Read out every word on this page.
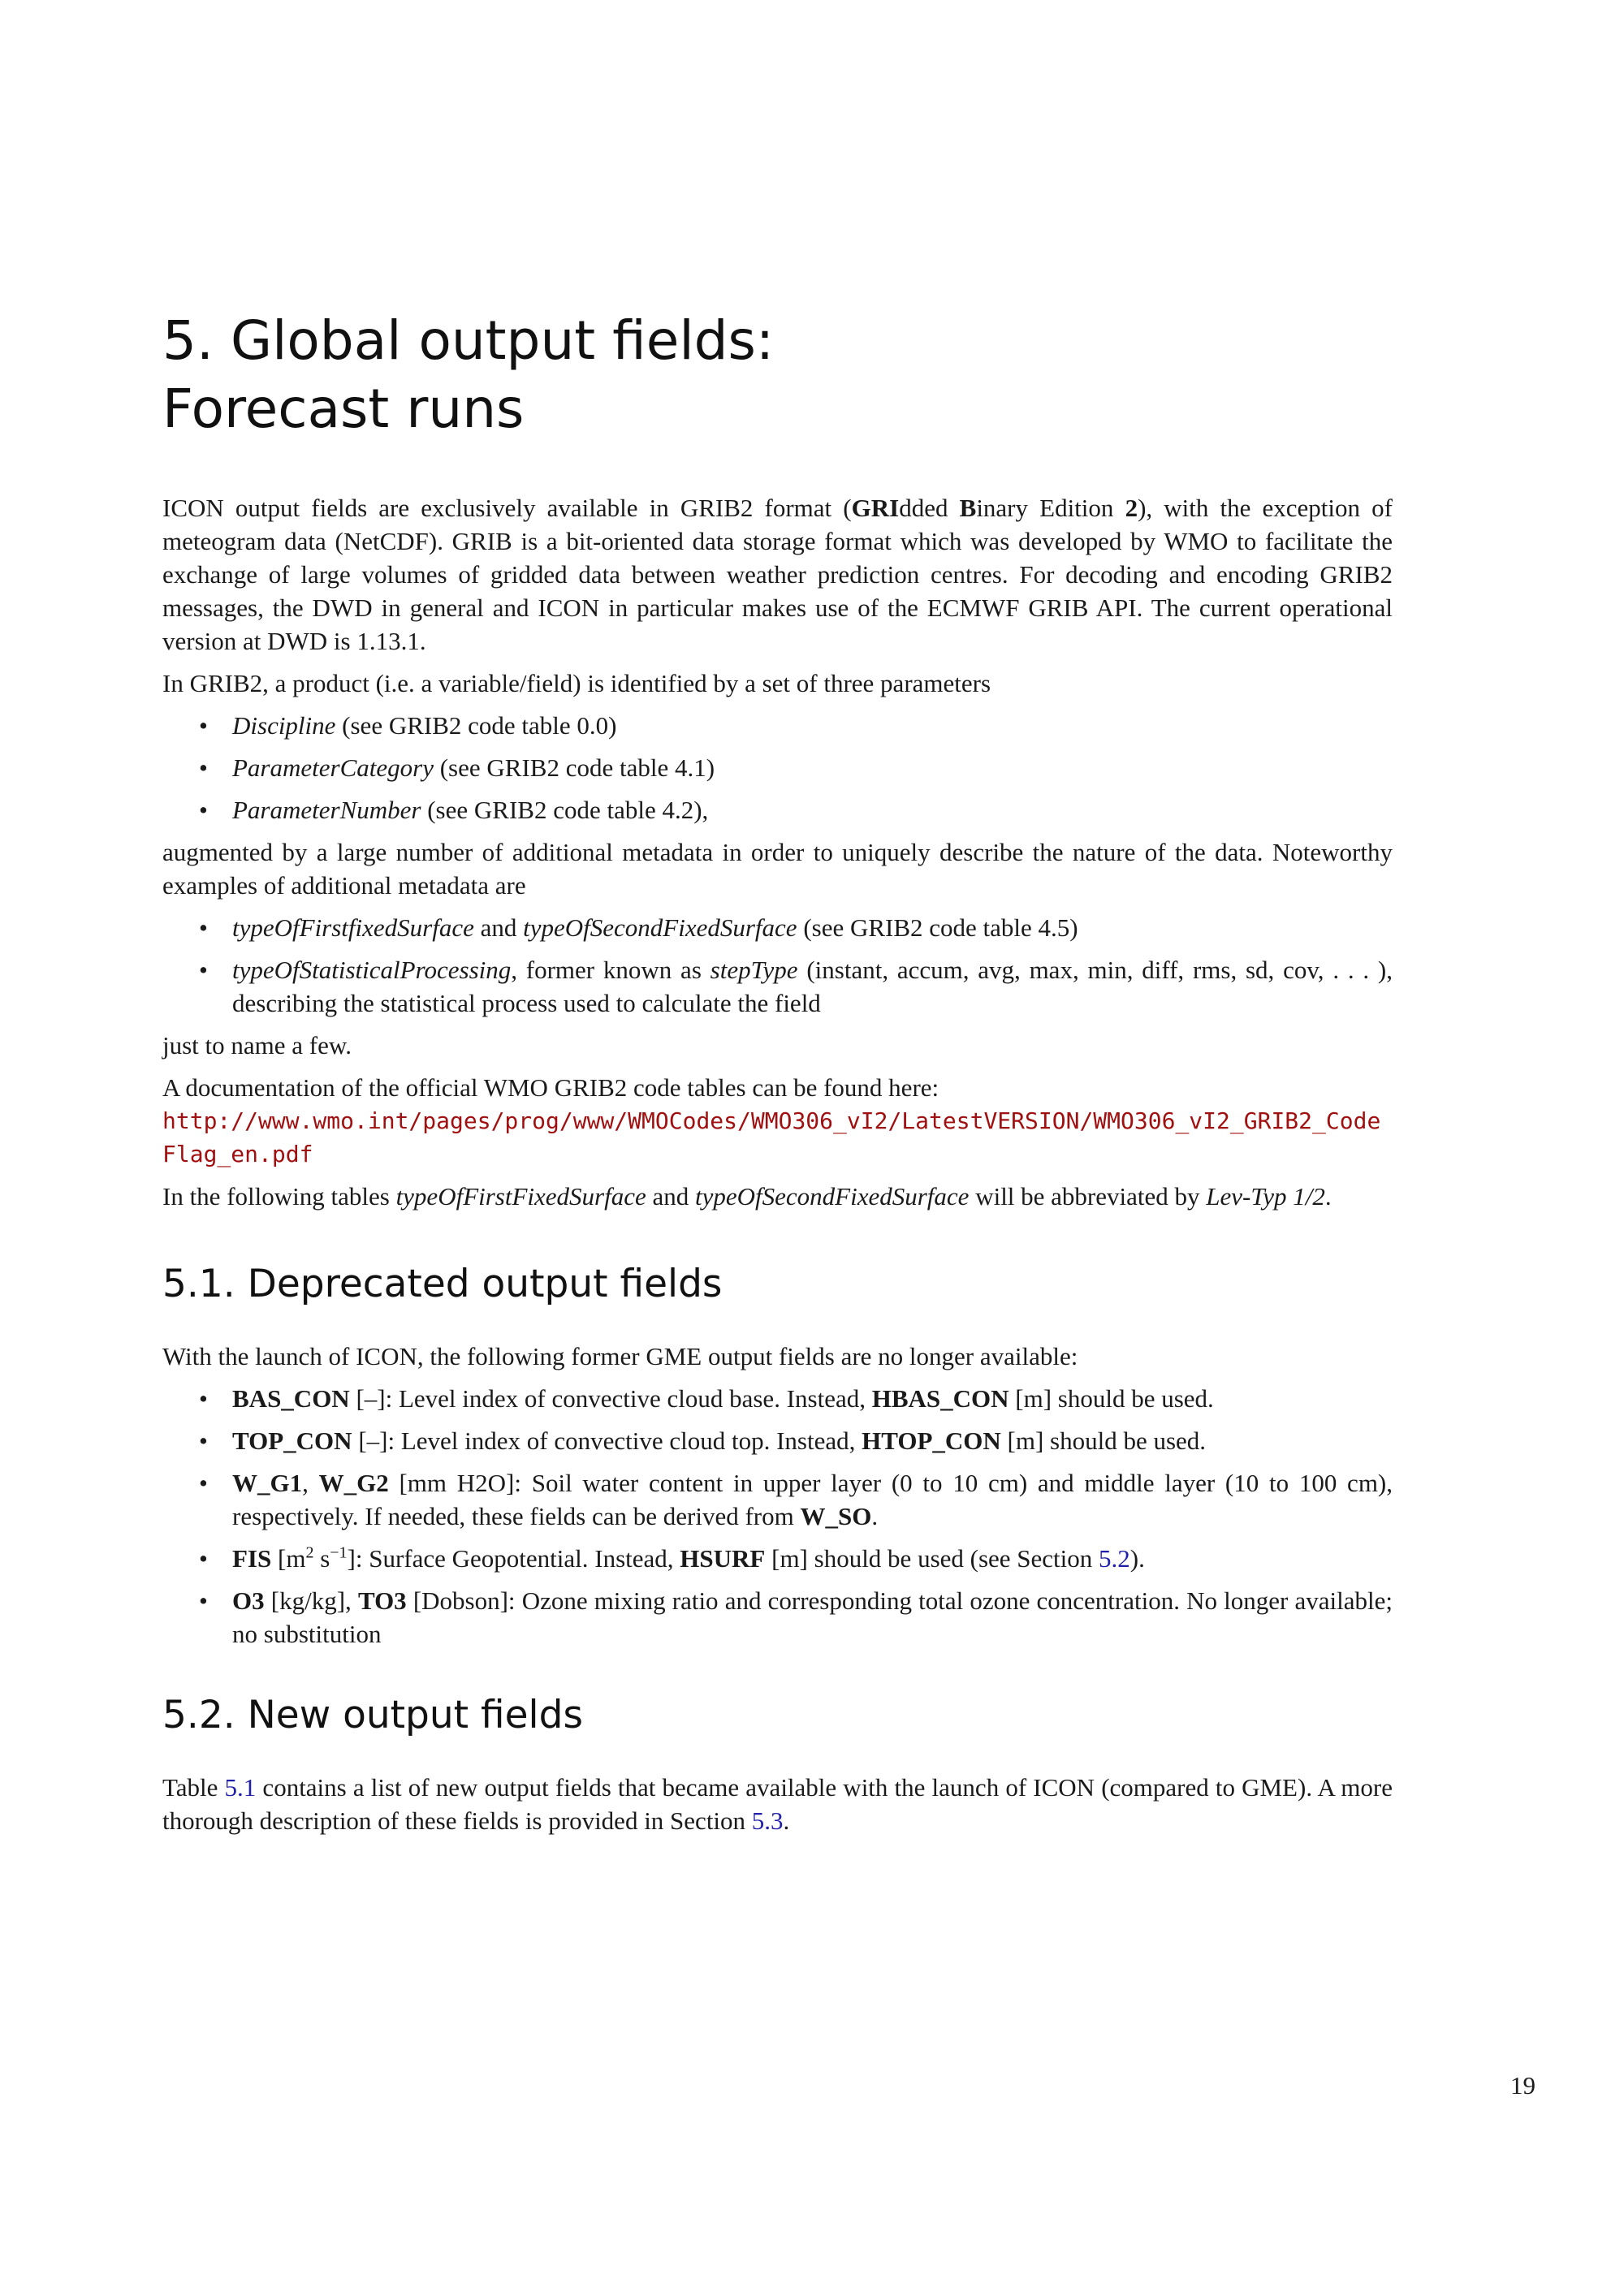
5. Global output fields:
Forecast runs

ICON output fields are exclusively available in GRIB2 format (GRIdded Binary Edition 2), with the exception of meteogram data (NetCDF). GRIB is a bit-oriented data storage format which was developed by WMO to facilitate the exchange of large volumes of gridded data between weather prediction centres. For decoding and encoding GRIB2 messages, the DWD in general and ICON in particular makes use of the ECMWF GRIB API. The current operational version at DWD is 1.13.1.

In GRIB2, a product (i.e. a variable/field) is identified by a set of three parameters

• Discipline (see GRIB2 code table 0.0)
• ParameterCategory (see GRIB2 code table 4.1)
• ParameterNumber (see GRIB2 code table 4.2),

augmented by a large number of additional metadata in order to uniquely describe the nature of the data. Noteworthy examples of additional metadata are

• typeOfFirstfixedSurface and typeOfSecondFixedSurface (see GRIB2 code table 4.5)
• typeOfStatisticalProcessing, former known as stepType (instant, accum, avg, max, min, diff, rms, sd, cov, . . . ), describing the statistical process used to calculate the field

just to name a few.

A documentation of the official WMO GRIB2 code tables can be found here:

http://www.wmo.int/pages/prog/www/WMOCodes/WMO306_vI2/LatestVERSION/WMO306_vI2_GRIB2_CodeFlag_en.pdf

In the following tables typeOfFirstFixedSurface and typeOfSecondFixedSurface will be abbreviated by Lev-Typ 1/2.

5.1. Deprecated output fields

With the launch of ICON, the following former GME output fields are no longer available:

• BAS_CON [–]: Level index of convective cloud base. Instead, HBAS_CON [m] should be used.
• TOP_CON [–]: Level index of convective cloud top. Instead, HTOP_CON [m] should be used.
• W_G1, W_G2 [mm H2O]: Soil water content in upper layer (0 to 10 cm) and middle layer (10 to 100 cm), respectively. If needed, these fields can be derived from W_SO.
• FIS [$m^2$ $s^{-1}$]: Surface Geopotential. Instead, HSURF [m] should be used (see Section 5.2).
• O3 [kg/kg], TO3 [Dobson]: Ozone mixing ratio and corresponding total ozone concentration. No longer available; no substitution
5.2. New output fields

Table 5.1 contains a list of new output fields that became available with the launch of ICON (compared to GME). A more thorough description of these fields is provided in Section 5.3.

19
